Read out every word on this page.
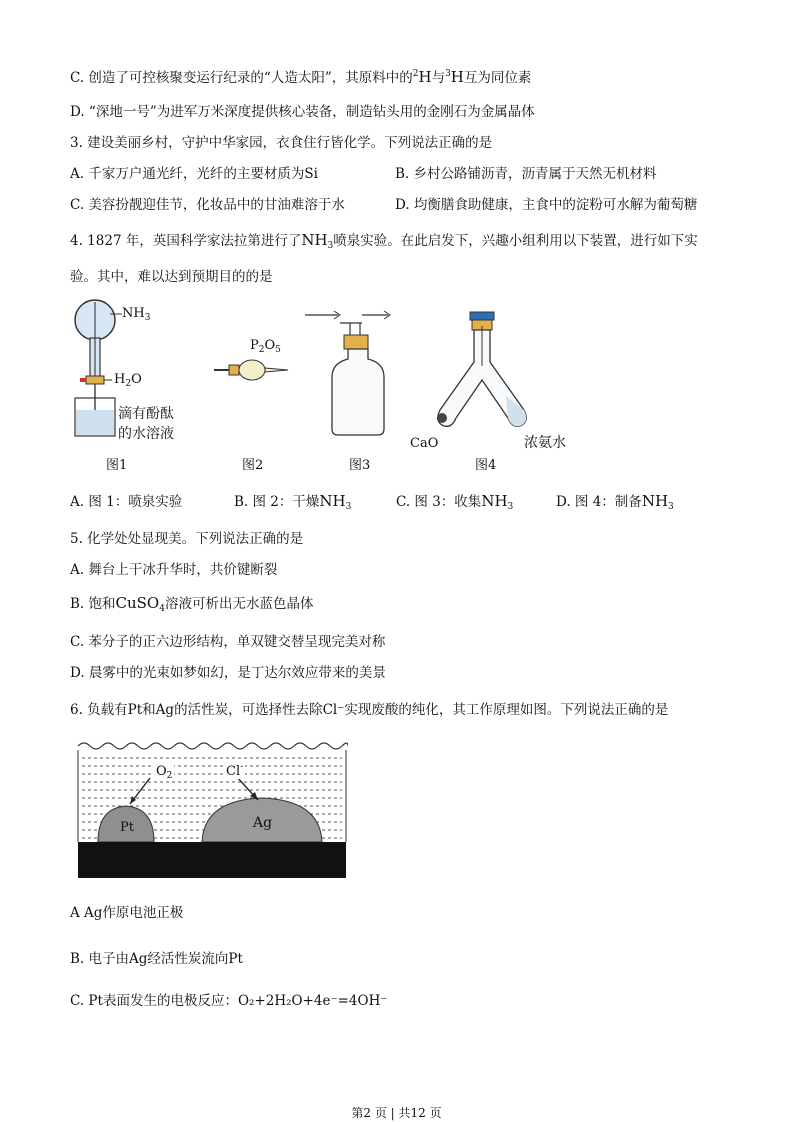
C. 创造了可控核聚变运行纪录的“人造太阳”，其原料中的$^2$H与$^3$H互为同位素
D. “深地一号”为进军万米深度提供核心装备，制造钻头用的金刚石为金属晶体
3. 建设美丽乡村，守护中华家园，衣食住行皆化学。下列说法正确的是
A. 千家万户通光纤，光纤的主要材质为Si	B. 乡村公路铺沥青，沥青属于天然无机材料
C. 美容扮靓迎佳节，化妆品中的甘油难溶于水	D. 均衡膳食助健康，主食中的淀粉可水解为葡萄糖
4. 1827 年，英国科学家法拉第进行了$NH_3$喷泉实验。在此启发下，兴趣小组利用以下装置，进行如下实
验。其中，难以达到预期目的的是
$NH_3$
$H_2O$
滴有酚酞
的水溶液
图1
$P_2O_5$
图2	图3
CaO	浓氨水
图4
A. 图 1：喷泉实验	B. 图 2：干燥$NH_3$	C. 图 3：收集$NH_3$	D. 图 4：制备$NH_3$
5. 化学处处显现美。下列说法正确的是
A. 舞台上干冰升华时，共价键断裂
B. 饱和CuSO$_4$溶液可析出无水蓝色晶体
C. 苯分子的正六边形结构，单双键交替呈现完美对称
D. 晨雾中的光束如梦如幻，是丁达尔效应带来的美景
6. 负载有Pt和Ag的活性炭，可选择性去除Cl⁻实现废酸的纯化，其工作原理如图。下列说法正确的是
$O_2$	Cl-
Pt	Ag
A Ag作原电池正极
B. 电子由Ag经活性炭流向Pt
C. Pt表面发生的电极反应：O₂+2H₂O+4e⁻=4OH⁻
第2 页 | 共12 页
